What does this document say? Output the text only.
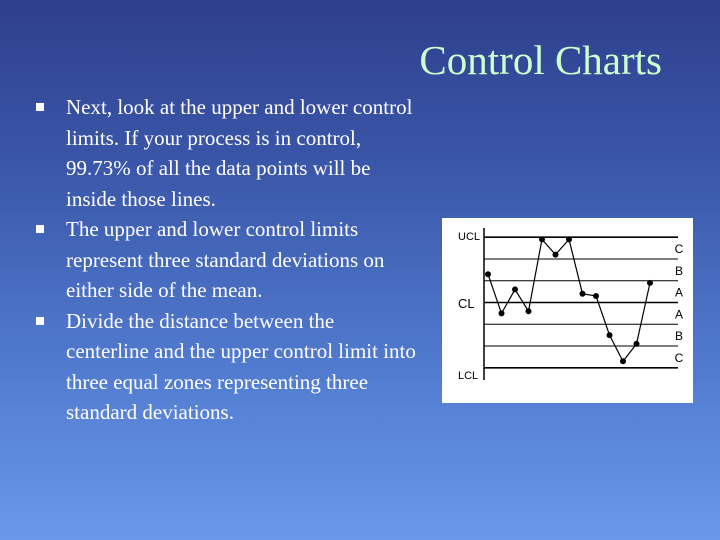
Control Charts
Next, look at the upper and lower control limits. If your process is in control, 99.73% of all the data points will be inside those lines.
The upper and lower control limits represent three standard deviations on either side of the mean.
Divide the distance between the centerline and the upper control limit into three equal zones representing three standard deviations.
C
B
A
A
B
C
UCL
CL
LCL
